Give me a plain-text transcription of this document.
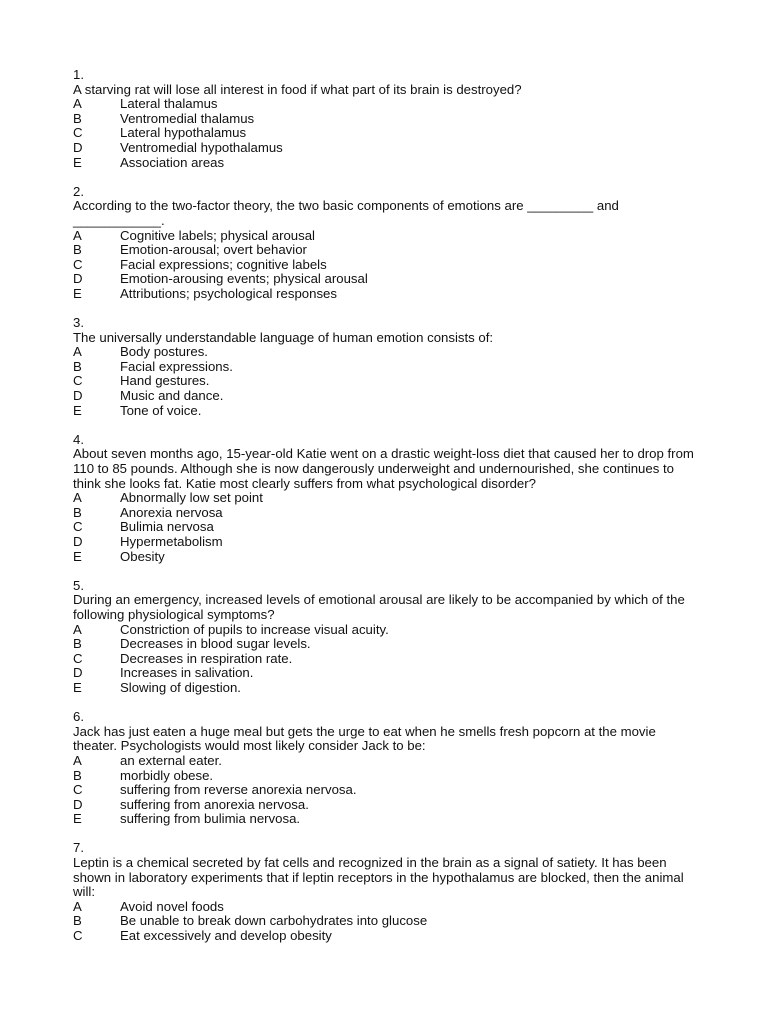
1.
A starving rat will lose all interest in food if what part of its brain is destroyed?
A	Lateral thalamus
B	Ventromedial thalamus
C	Lateral hypothalamus
D	Ventromedial hypothalamus
E	Association areas
2.
According to the two-factor theory, the two basic components of emotions are _________ and ____________.
A	Cognitive labels; physical arousal
B	Emotion-arousal; overt behavior
C	Facial expressions; cognitive labels
D	Emotion-arousing events; physical arousal
E	Attributions; psychological responses
3.
The universally understandable language of human emotion consists of:
A	Body postures.
B	Facial expressions.
C	Hand gestures.
D	Music and dance.
E	Tone of voice.
4.
About seven months ago, 15-year-old Katie went on a drastic weight-loss diet that caused her to drop from 110 to 85 pounds. Although she is now dangerously underweight and undernourished, she continues to think she looks fat. Katie most clearly suffers from what psychological disorder?
A	Abnormally low set point
B	Anorexia nervosa
C	Bulimia nervosa
D	Hypermetabolism
E	Obesity
5.
During an emergency, increased levels of emotional arousal are likely to be accompanied by which of the following physiological symptoms?
A	Constriction of pupils to increase visual acuity.
B	Decreases in blood sugar levels.
C	Decreases in respiration rate.
D	Increases in salivation.
E	Slowing of digestion.
6.
Jack has just eaten a huge meal but gets the urge to eat when he smells fresh popcorn at the movie theater. Psychologists would most likely consider Jack to be:
A	an external eater.
B	morbidly obese.
C	suffering from reverse anorexia nervosa.
D	suffering from anorexia nervosa.
E	suffering from bulimia nervosa.
7.
Leptin is a chemical secreted by fat cells and recognized in the brain as a signal of satiety. It has been shown in laboratory experiments that if leptin receptors in the hypothalamus are blocked, then the animal will:
A	Avoid novel foods
B	Be unable to break down carbohydrates into glucose
C	Eat excessively and develop obesity
